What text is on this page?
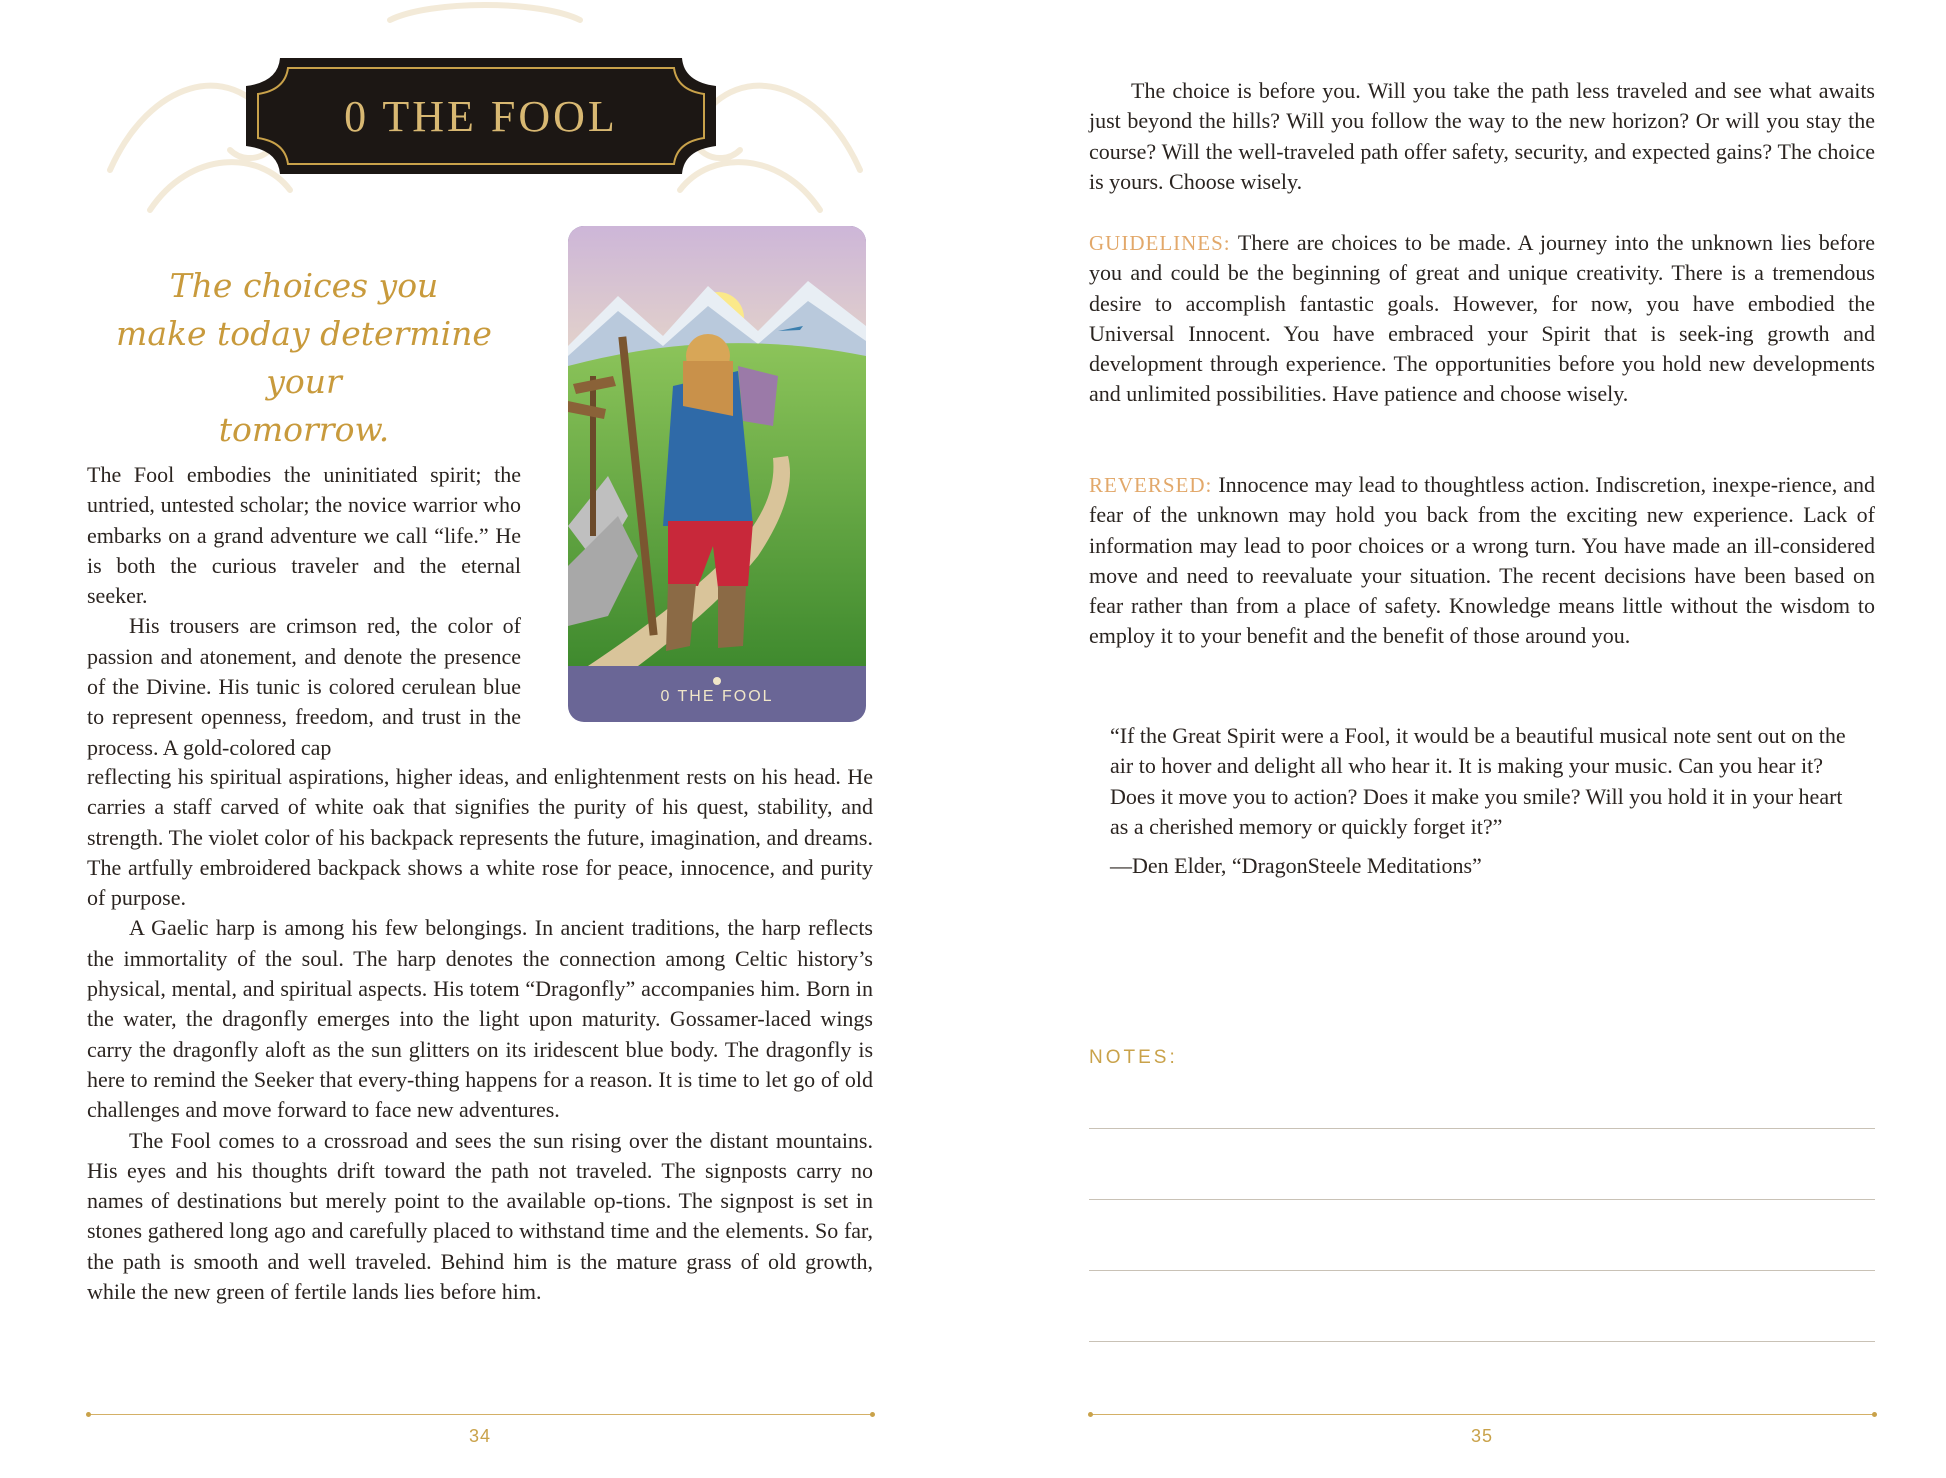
0 THE FOOL
The choices you
make today determine your
tomorrow.
0 THE FOOL

The Fool embodies the uninitiated spirit; the untried, untested scholar; the novice warrior who embarks on a grand adventure we call “life.” He is both the curious traveler and the eternal seeker.

His trousers are crimson red, the color of passion and atonement, and denote the presence of the Divine. His tunic is colored cerulean blue to represent openness, freedom, and trust in the process. A gold-colored cap

reflecting his spiritual aspirations, higher ideas, and enlightenment rests on his head. He carries a staff carved of white oak that signifies the purity of his quest, stability, and strength. The violet color of his backpack represents the future, imagination, and dreams. The artfully embroidered backpack shows a white rose for peace, innocence, and purity of purpose.

A Gaelic harp is among his few belongings. In ancient traditions, the harp reflects the immortality of the soul. The harp denotes the connection among Celtic history’s physical, mental, and spiritual aspects. His totem “Dragonfly” accompanies him. Born in the water, the dragonfly emerges into the light upon maturity. Gossamer-laced wings carry the dragonfly aloft as the sun glitters on its iridescent blue body. The dragonfly is here to remind the Seeker that every-thing happens for a reason. It is time to let go of old challenges and move forward to face new adventures.

The Fool comes to a crossroad and sees the sun rising over the distant mountains. His eyes and his thoughts drift toward the path not traveled. The signposts carry no names of destinations but merely point to the available op-tions. The signpost is set in stones gathered long ago and carefully placed to withstand time and the elements. So far, the path is smooth and well traveled. Behind him is the mature grass of old growth, while the new green of fertile lands lies before him.

34

The choice is before you. Will you take the path less traveled and see what awaits just beyond the hills? Will you follow the way to the new horizon? Or will you stay the course? Will the well-traveled path offer safety, security, and expected gains? The choice is yours. Choose wisely.

GUIDELINES: There are choices to be made. A journey into the unknown lies before you and could be the beginning of great and unique creativity. There is a tremendous desire to accomplish fantastic goals. However, for now, you have embodied the Universal Innocent. You have embraced your Spirit that is seek-ing growth and development through experience. The opportunities before you hold new developments and unlimited possibilities. Have patience and choose wisely.

REVERSED: Innocence may lead to thoughtless action. Indiscretion, inexpe-rience, and fear of the unknown may hold you back from the exciting new experience. Lack of information may lead to poor choices or a wrong turn. You have made an ill-considered move and need to reevaluate your situation. The recent decisions have been based on fear rather than from a place of safety. Knowledge means little without the wisdom to employ it to your benefit and the benefit of those around you.

“If the Great Spirit were a Fool, it would be a beautiful musical note sent out on the air to hover and delight all who hear it. It is making your music. Can you hear it? Does it move you to action? Does it make you smile? Will you hold it in your heart as a cherished memory or quickly forget it?”
—Den Elder, “DragonSteele Meditations”
NOTES:
35
